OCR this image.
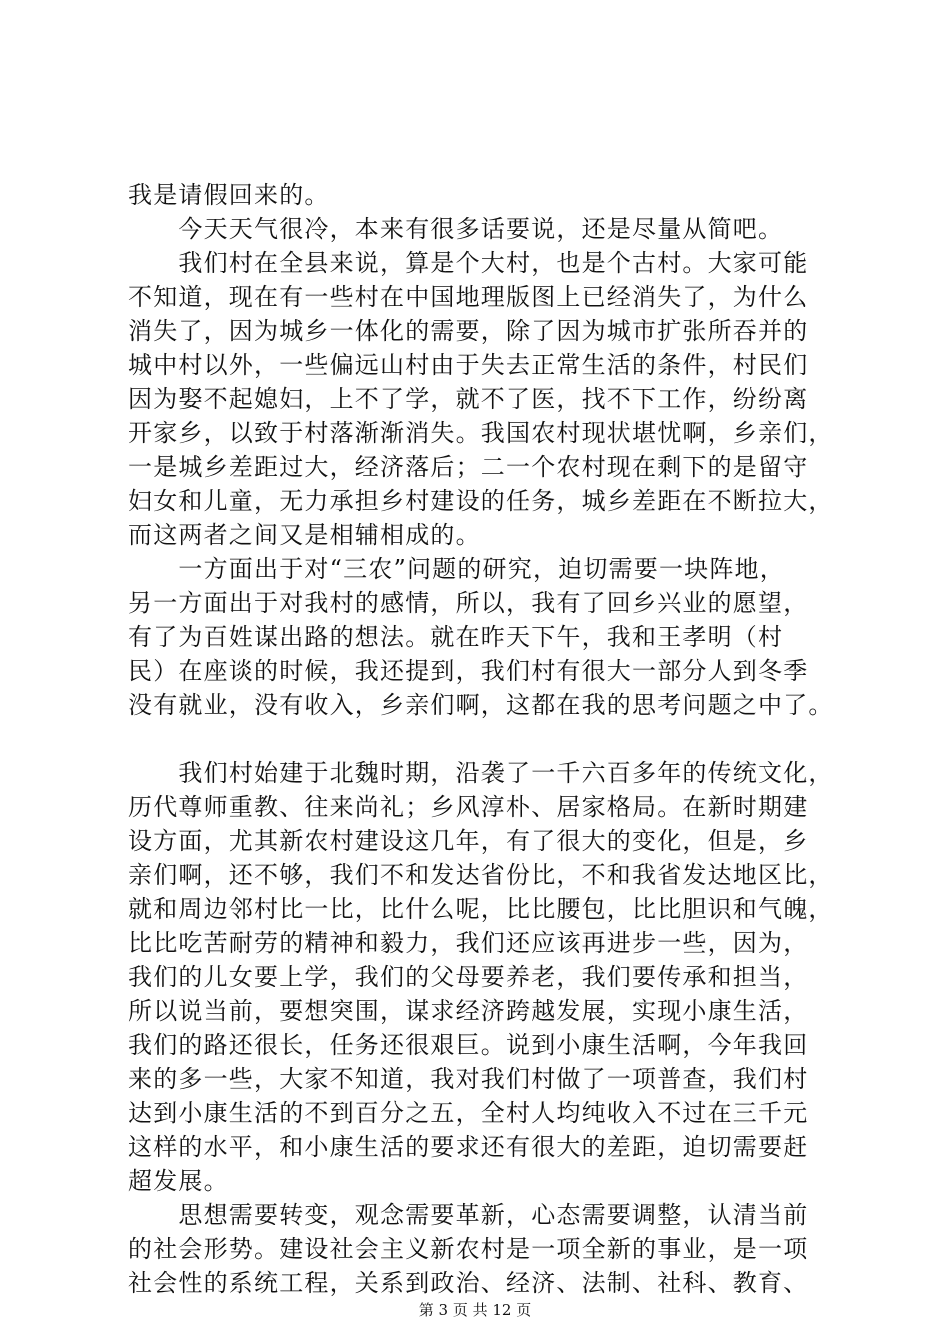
我是请假回来的。
　　今天天气很冷，本来有很多话要说，还是尽量从简吧。
　　我们村在全县来说，算是个大村，也是个古村。大家可能
不知道，现在有一些村在中国地理版图上已经消失了，为什么
消失了，因为城乡一体化的需要，除了因为城市扩张所吞并的
城中村以外，一些偏远山村由于失去正常生活的条件，村民们
因为娶不起媳妇，上不了学，就不了医，找不下工作，纷纷离
开家乡，以致于村落渐渐消失。我国农村现状堪忧啊，乡亲们，
一是城乡差距过大，经济落后；二一个农村现在剩下的是留守
妇女和儿童，无力承担乡村建设的任务，城乡差距在不断拉大，
而这两者之间又是相辅相成的。
　　一方面出于对“三农”问题的研究，迫切需要一块阵地，
另一方面出于对我村的感情，所以，我有了回乡兴业的愿望，
有了为百姓谋出路的想法。就在昨天下午，我和王孝明（村
民）在座谈的时候，我还提到，我们村有很大一部分人到冬季
没有就业，没有收入，乡亲们啊，这都在我的思考问题之中了。
　　我们村始建于北魏时期，沿袭了一千六百多年的传统文化，
历代尊师重教、往来尚礼；乡风淳朴、居家格局。在新时期建
设方面，尤其新农村建设这几年，有了很大的变化，但是，乡
亲们啊，还不够，我们不和发达省份比，不和我省发达地区比，
就和周边邻村比一比，比什么呢，比比腰包，比比胆识和气魄，
比比吃苦耐劳的精神和毅力，我们还应该再进步一些，因为，
我们的儿女要上学，我们的父母要养老，我们要传承和担当，
所以说当前，要想突围，谋求经济跨越发展，实现小康生活，
我们的路还很长，任务还很艰巨。说到小康生活啊，今年我回
来的多一些，大家不知道，我对我们村做了一项普查，我们村
达到小康生活的不到百分之五，全村人均纯收入不过在三千元
这样的水平，和小康生活的要求还有很大的差距，迫切需要赶
超发展。
　　思想需要转变，观念需要革新，心态需要调整，认清当前
的社会形势。建设社会主义新农村是一项全新的事业，是一项
社会性的系统工程，关系到政治、经济、法制、社科、教育、
第 3 页 共 12 页
